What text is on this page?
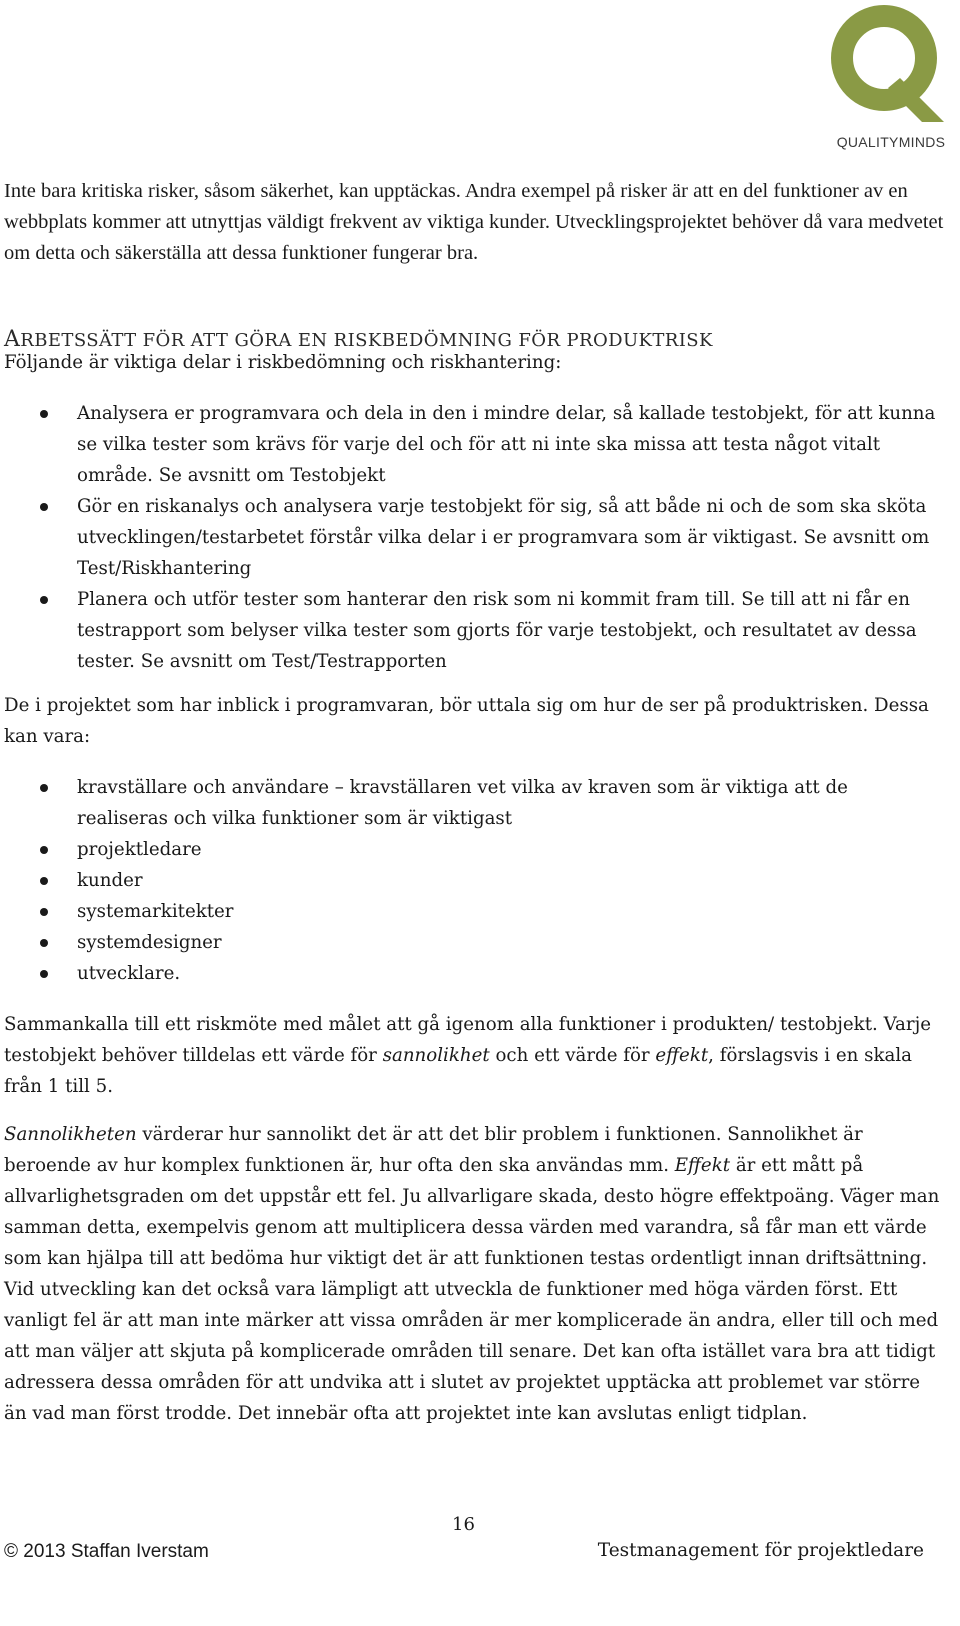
QUALITYMINDS

Inte bara kritiska risker, såsom säkerhet, kan upptäckas. Andra exempel på risker är att en del funktioner av en webbplats kommer att utnyttjas väldigt frekvent av viktiga kunder. Utvecklingsprojektet behöver då vara medvetet om detta och säkerställa att dessa funktioner fungerar bra.

ARBETSSÄTT FÖR ATT GÖRA EN RISKBEDÖMNING FÖR PRODUKTRISK

Följande är viktiga delar i riskbedömning och riskhantering:

Analysera er programvara och dela in den i mindre delar, så kallade testobjekt, för att kunna se vilka tester som krävs för varje del och för att ni inte ska missa att testa något vitalt område. Se avsnitt om Testobjekt
Gör en riskanalys och analysera varje testobjekt för sig, så att både ni och de som ska sköta utvecklingen/testarbetet förstår vilka delar i er programvara som är viktigast. Se avsnitt om Test/Riskhantering
Planera och utför tester som hanterar den risk som ni kommit fram till. Se till att ni får en testrapport som belyser vilka tester som gjorts för varje testobjekt, och resultatet av dessa tester. Se avsnitt om Test/Testrapporten

De i projektet som har inblick i programvaran, bör uttala sig om hur de ser på produktrisken. Dessa kan vara:

kravställare och användare – kravställaren vet vilka av kraven som är viktiga att de realiseras och vilka funktioner som är viktigast
projektledare
kunder
systemarkitekter
systemdesigner
utvecklare.

Sammankalla till ett riskmöte med målet att gå igenom alla funktioner i produkten/ testobjekt. Varje testobjekt behöver tilldelas ett värde för sannolikhet och ett värde för effekt, förslagsvis i en skala från 1 till 5.

Sannolikheten värderar hur sannolikt det är att det blir problem i funktionen. Sannolikhet är beroende av hur komplex funktionen är, hur ofta den ska användas mm. Effekt är ett mått på allvarlighetsgraden om det uppstår ett fel. Ju allvarligare skada, desto högre effektpoäng. Väger man samman detta, exempelvis genom att multiplicera dessa värden med varandra, så får man ett värde som kan hjälpa till att bedöma hur viktigt det är att funktionen testas ordentligt innan driftsättning. Vid utveckling kan det också vara lämpligt att utveckla de funktioner med höga värden först. Ett vanligt fel är att man inte märker att vissa områden är mer komplicerade än andra, eller till och med att man väljer att skjuta på komplicerade områden till senare. Det kan ofta istället vara bra att tidigt adressera dessa områden för att undvika att i slutet av projektet upptäcka att problemet var större än vad man först trodde. Det innebär ofta att projektet inte kan avslutas enligt tidplan.

16
© 2013 Staffan Iverstam	Testmanagement för projektledare
